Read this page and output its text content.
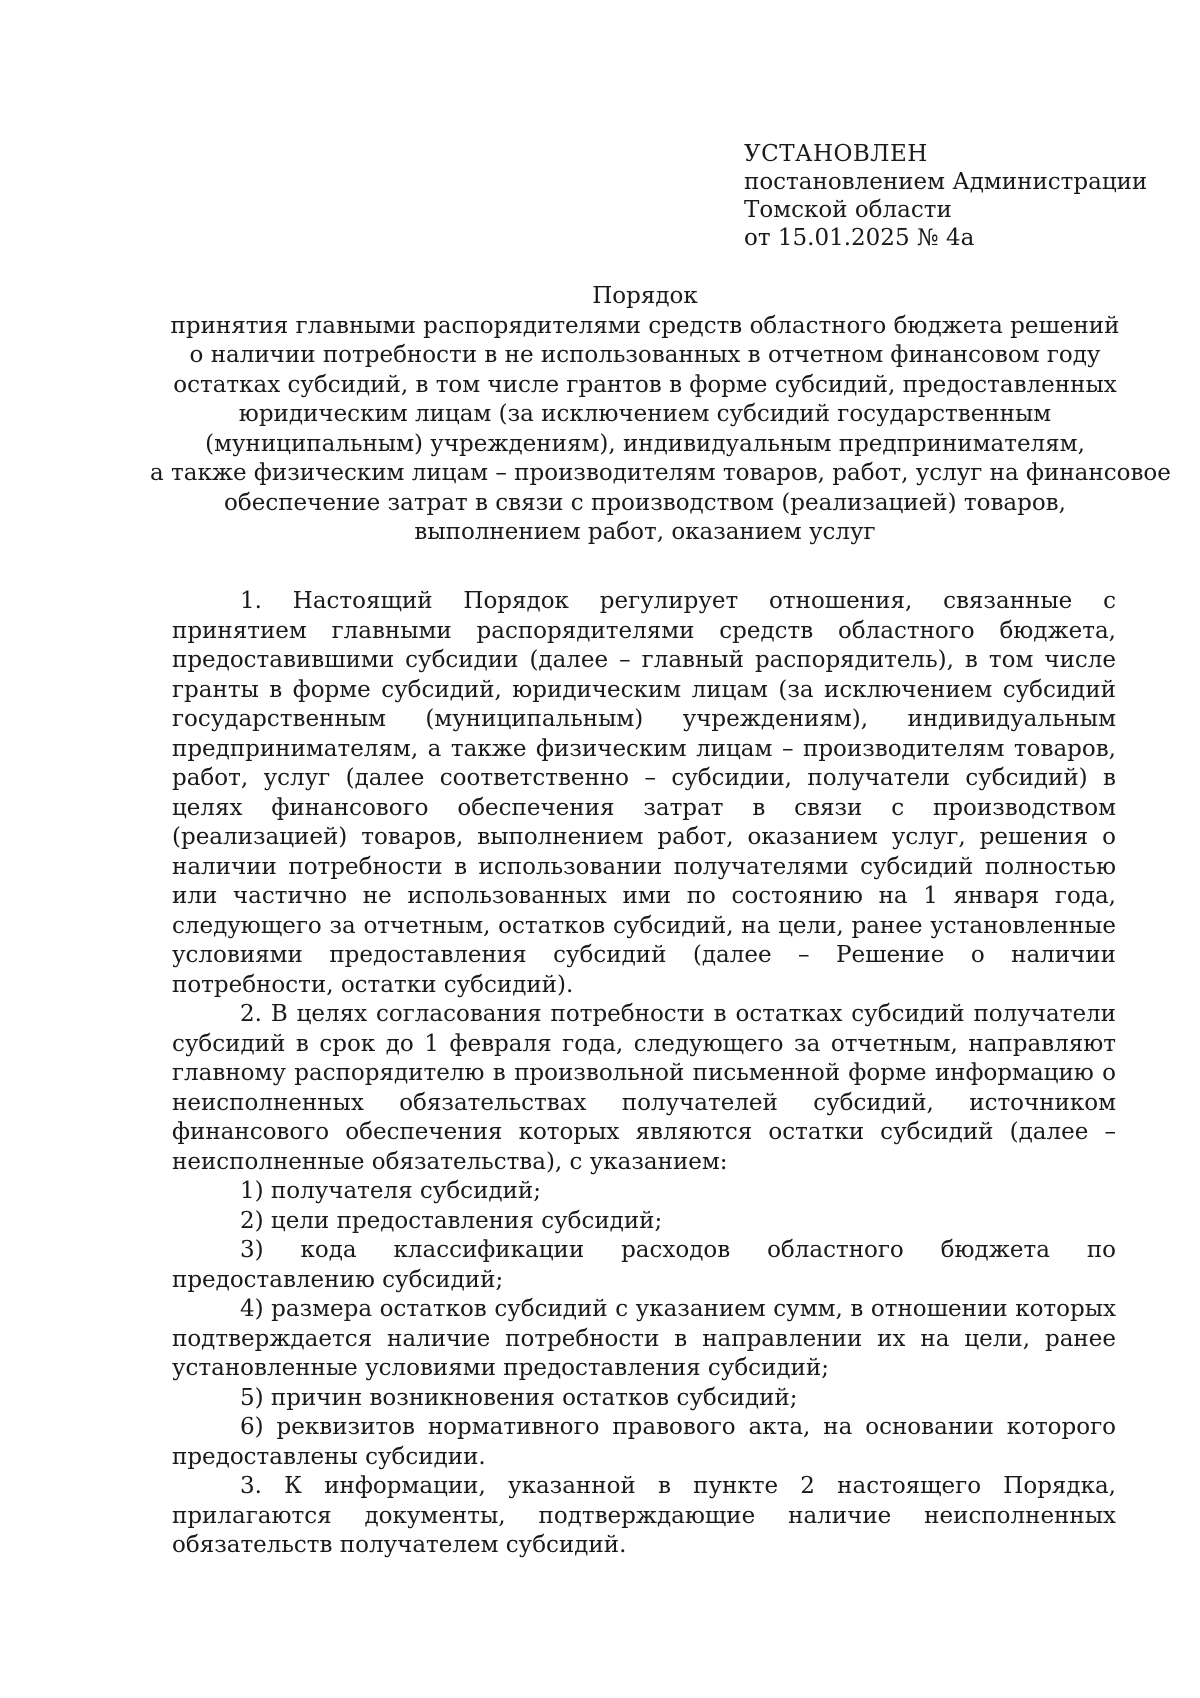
УСТАНОВЛЕН
постановлением Администрации
Томской области
от 15.01.2025 № 4а
Порядок
принятия главными распорядителями средств областного бюджета решений
о наличии потребности в не использованных в отчетном финансовом году
остатках субсидий, в том числе грантов в форме субсидий, предоставленных
юридическим лицам (за исключением субсидий государственным
(муниципальным) учреждениям), индивидуальным предпринимателям,
а также физическим лицам – производителям товаров, работ, услуг на финансовое
обеспечение затрат в связи с производством (реализацией) товаров,
выполнением работ, оказанием услуг

1. Настоящий Порядок регулирует отношения, связанные с принятием главными распорядителями средств областного бюджета, предоставившими субсидии (далее – главный распорядитель), в том числе гранты в форме субсидий, юридическим лицам (за исключением субсидий государственным (муниципальным) учреждениям), индивидуальным предпринимателям, а также физическим лицам – производителям товаров, работ, услуг (далее соответственно – субсидии, получатели субсидий) в целях финансового обеспечения затрат в связи с производством (реализацией) товаров, выполнением работ, оказанием услуг, решения о наличии потребности в использовании получателями субсидий полностью или частично не использованных ими по состоянию на 1 января года, следующего за отчетным, остатков субсидий, на цели, ранее установленные условиями предоставления субсидий (далее – Решение о наличии потребности, остатки субсидий).

2. В целях согласования потребности в остатках субсидий получатели субсидий в срок до 1 февраля года, следующего за отчетным, направляют главному распорядителю в произвольной письменной форме информацию о неисполненных обязательствах получателей субсидий, источником финансового обеспечения которых являются остатки субсидий (далее – неисполненные обязательства), с указанием:

1) получателя субсидий;

2) цели предоставления субсидий;

3) кода классификации расходов областного бюджета по предоставлению субсидий;

4) размера остатков субсидий с указанием сумм, в отношении которых подтверждается наличие потребности в направлении их на цели, ранее установленные условиями предоставления субсидий;

5) причин возникновения остатков субсидий;

6) реквизитов нормативного правового акта, на основании которого предоставлены субсидии.

3. К информации, указанной в пункте 2 настоящего Порядка, прилагаются документы, подтверждающие наличие неисполненных обязательств получателем субсидий.
